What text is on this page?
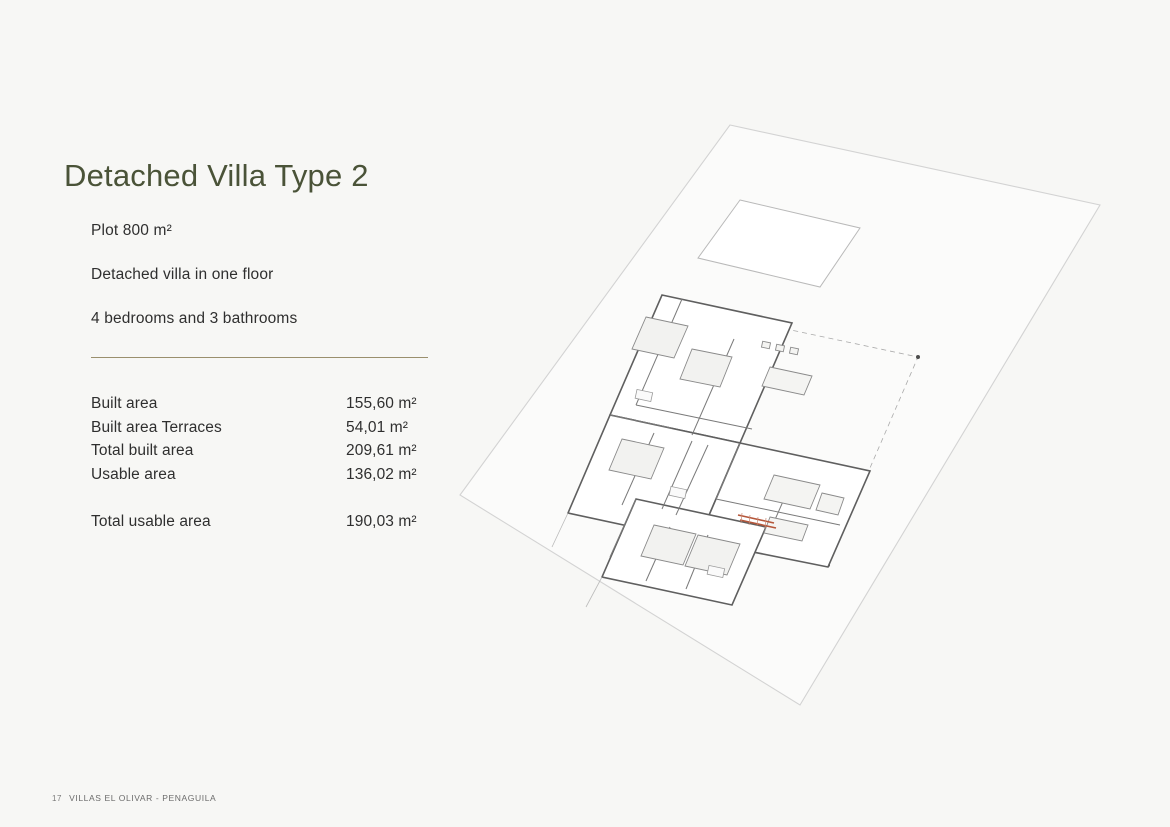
Detached Villa Type 2
Plot 800 m²
Detached villa in one floor
4 bedrooms and 3 bathrooms
Built area	155,60 m²
Built area Terraces	54,01 m²
Total built area	209,61 m²
Usable area	136,02 m²
Total usable area	190,03 m²
17 VILLAS EL OLIVAR - PENAGUILA
